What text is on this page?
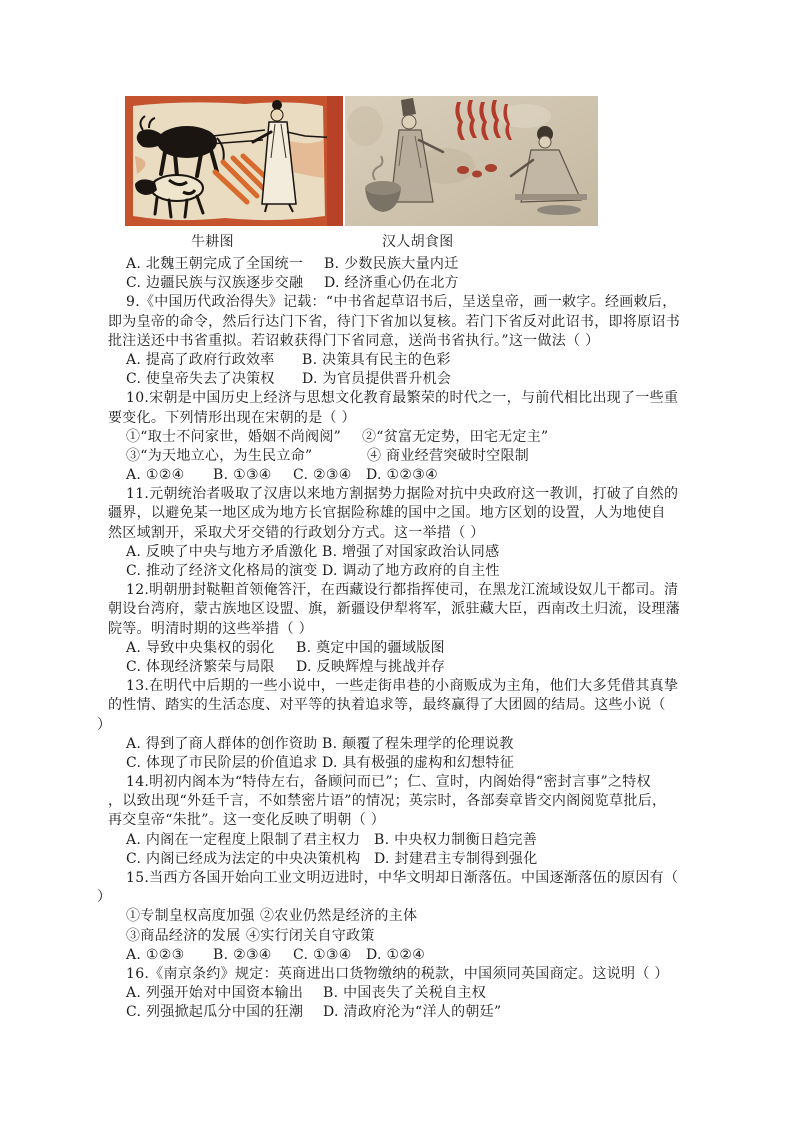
牛耕图	汉人胡食图
A. 北魏王朝完成了全国统一 B. 少数民族大量内迁
C. 边疆民族与汉族逐步交融 D. 经济重心仍在北方
9.《中国历代政治得失》记载：“中书省起草诏书后，呈送皇帝，画一敕字。经画敕后，
即为皇帝的命令，然后行达门下省，待门下省加以复核。若门下省反对此诏书，即将原诏书
批注送还中书省重拟。若诏敕获得门下省同意，送尚书省执行。”这一做法（ ）
A. 提高了政府行政效率 B. 决策具有民主的色彩
C. 使皇帝失去了决策权 D. 为官员提供晋升机会
10.宋朝是中国历史上经济与思想文化教育最繁荣的时代之一，与前代相比出现了一些重
要变化。下列情形出现在宋朝的是（ ）
①“取士不问家世，婚姻不尚阀阅” ②“贫富无定势，田宅无定主”
③“为天地立心，为生民立命”	④ 商业经营突破时空限制
A. ①②④ B. ①③④ C. ②③④ D. ①②③④
11.元朝统治者吸取了汉唐以来地方割据势力据险对抗中央政府这一教训，打破了自然的
疆界，以避免某一地区成为地方长官据险称雄的国中之国。地方区划的设置，人为地使自
然区域割开，采取犬牙交错的行政划分方式。这一举措（ ）
A. 反映了中央与地方矛盾激化 B. 增强了对国家政治认同感
C. 推动了经济文化格局的演变 D. 调动了地方政府的自主性
12.明朝册封鞑靼首领俺答汗，在西藏设行都指挥使司，在黑龙江流域设奴儿干都司。清
朝设台湾府，蒙古族地区设盟、旗，新疆设伊犁将军，派驻藏大臣，西南改土归流，设理藩
院等。明清时期的这些举措（ ）
A. 导致中央集权的弱化 B. 奠定中国的疆域版图
C. 体现经济繁荣与局限 D. 反映辉煌与挑战并存
13.在明代中后期的一些小说中，一些走街串巷的小商贩成为主角，他们大多凭借其真挚
的性情、踏实的生活态度、对平等的执着追求等，最终赢得了大团圆的结局。这些小说（
）
A. 得到了商人群体的创作资助 B. 颠覆了程朱理学的伦理说教
C. 体现了市民阶层的价值追求 D. 具有极强的虚构和幻想特征
14.明初内阁本为“特侍左右，备顾问而已”；仁、宣时，内阁始得“密封言事”之特权
，以致出现“外廷千言，不如禁密片语”的情况；英宗时，各部奏章皆交内阁阅览草批后，
再交皇帝“朱批”。这一变化反映了明朝（ ）
A. 内阁在一定程度上限制了君主权力 B. 中央权力制衡日趋完善
C. 内阁已经成为法定的中央决策机构 D. 封建君主专制得到强化
15.当西方各国开始向工业文明迈进时，中华文明却日渐落伍。中国逐渐落伍的原因有（
）
①专制皇权高度加强 ②农业仍然是经济的主体
③商品经济的发展 ④实行闭关自守政策
A. ①②③ B. ②③④ C. ①③④ D. ①②④
16.《南京条约》规定：英商进出口货物缴纳的税款，中国须同英国商定。这说明（ ）
A. 列强开始对中国资本输出 B. 中国丧失了关税自主权
C. 列强掀起瓜分中国的狂潮 D. 清政府沦为“洋人的朝廷”
